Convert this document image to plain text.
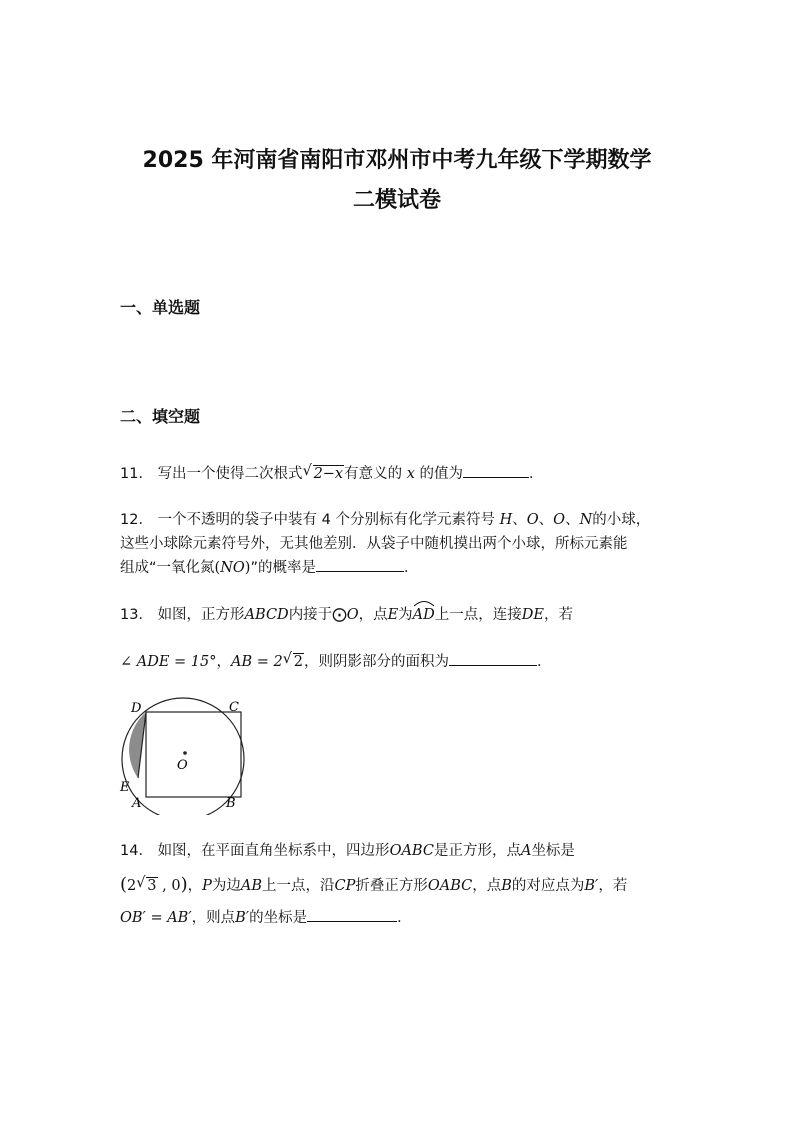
2025 年河南省南阳市邓州市中考九年级下学期数学
二模试卷
一、单选题
二、填空题
11． 写出一个使得二次根式 √ 2−x有意义的 x 的值为	．
12． 一个不透明的袋子中装有 4 个分别标有化学元素符号 H、O、O、N的小球，
这些小球除元素符号外，无其他差别．从袋子中随机摸出两个小球，所标元素能
组成“一氧化氮(NO)”的概率是	．
13． 如图，正方形ABCD内接于⨀O，点E为
AD上一点，连接DE，若
∠ ADE = 15°，AB = 2 √ 2，则阴影部分的面积为	．
D	C
E
A	B
O
14． 如图，在平面直角坐标系中，四边形OABC是正方形，点A坐标是
(2 √ 3 , 0)，P为边AB上一点，沿CP折叠正方形OABC，点B的对应点为B′，若
OB′ = AB′，则点B′的坐标是	．
